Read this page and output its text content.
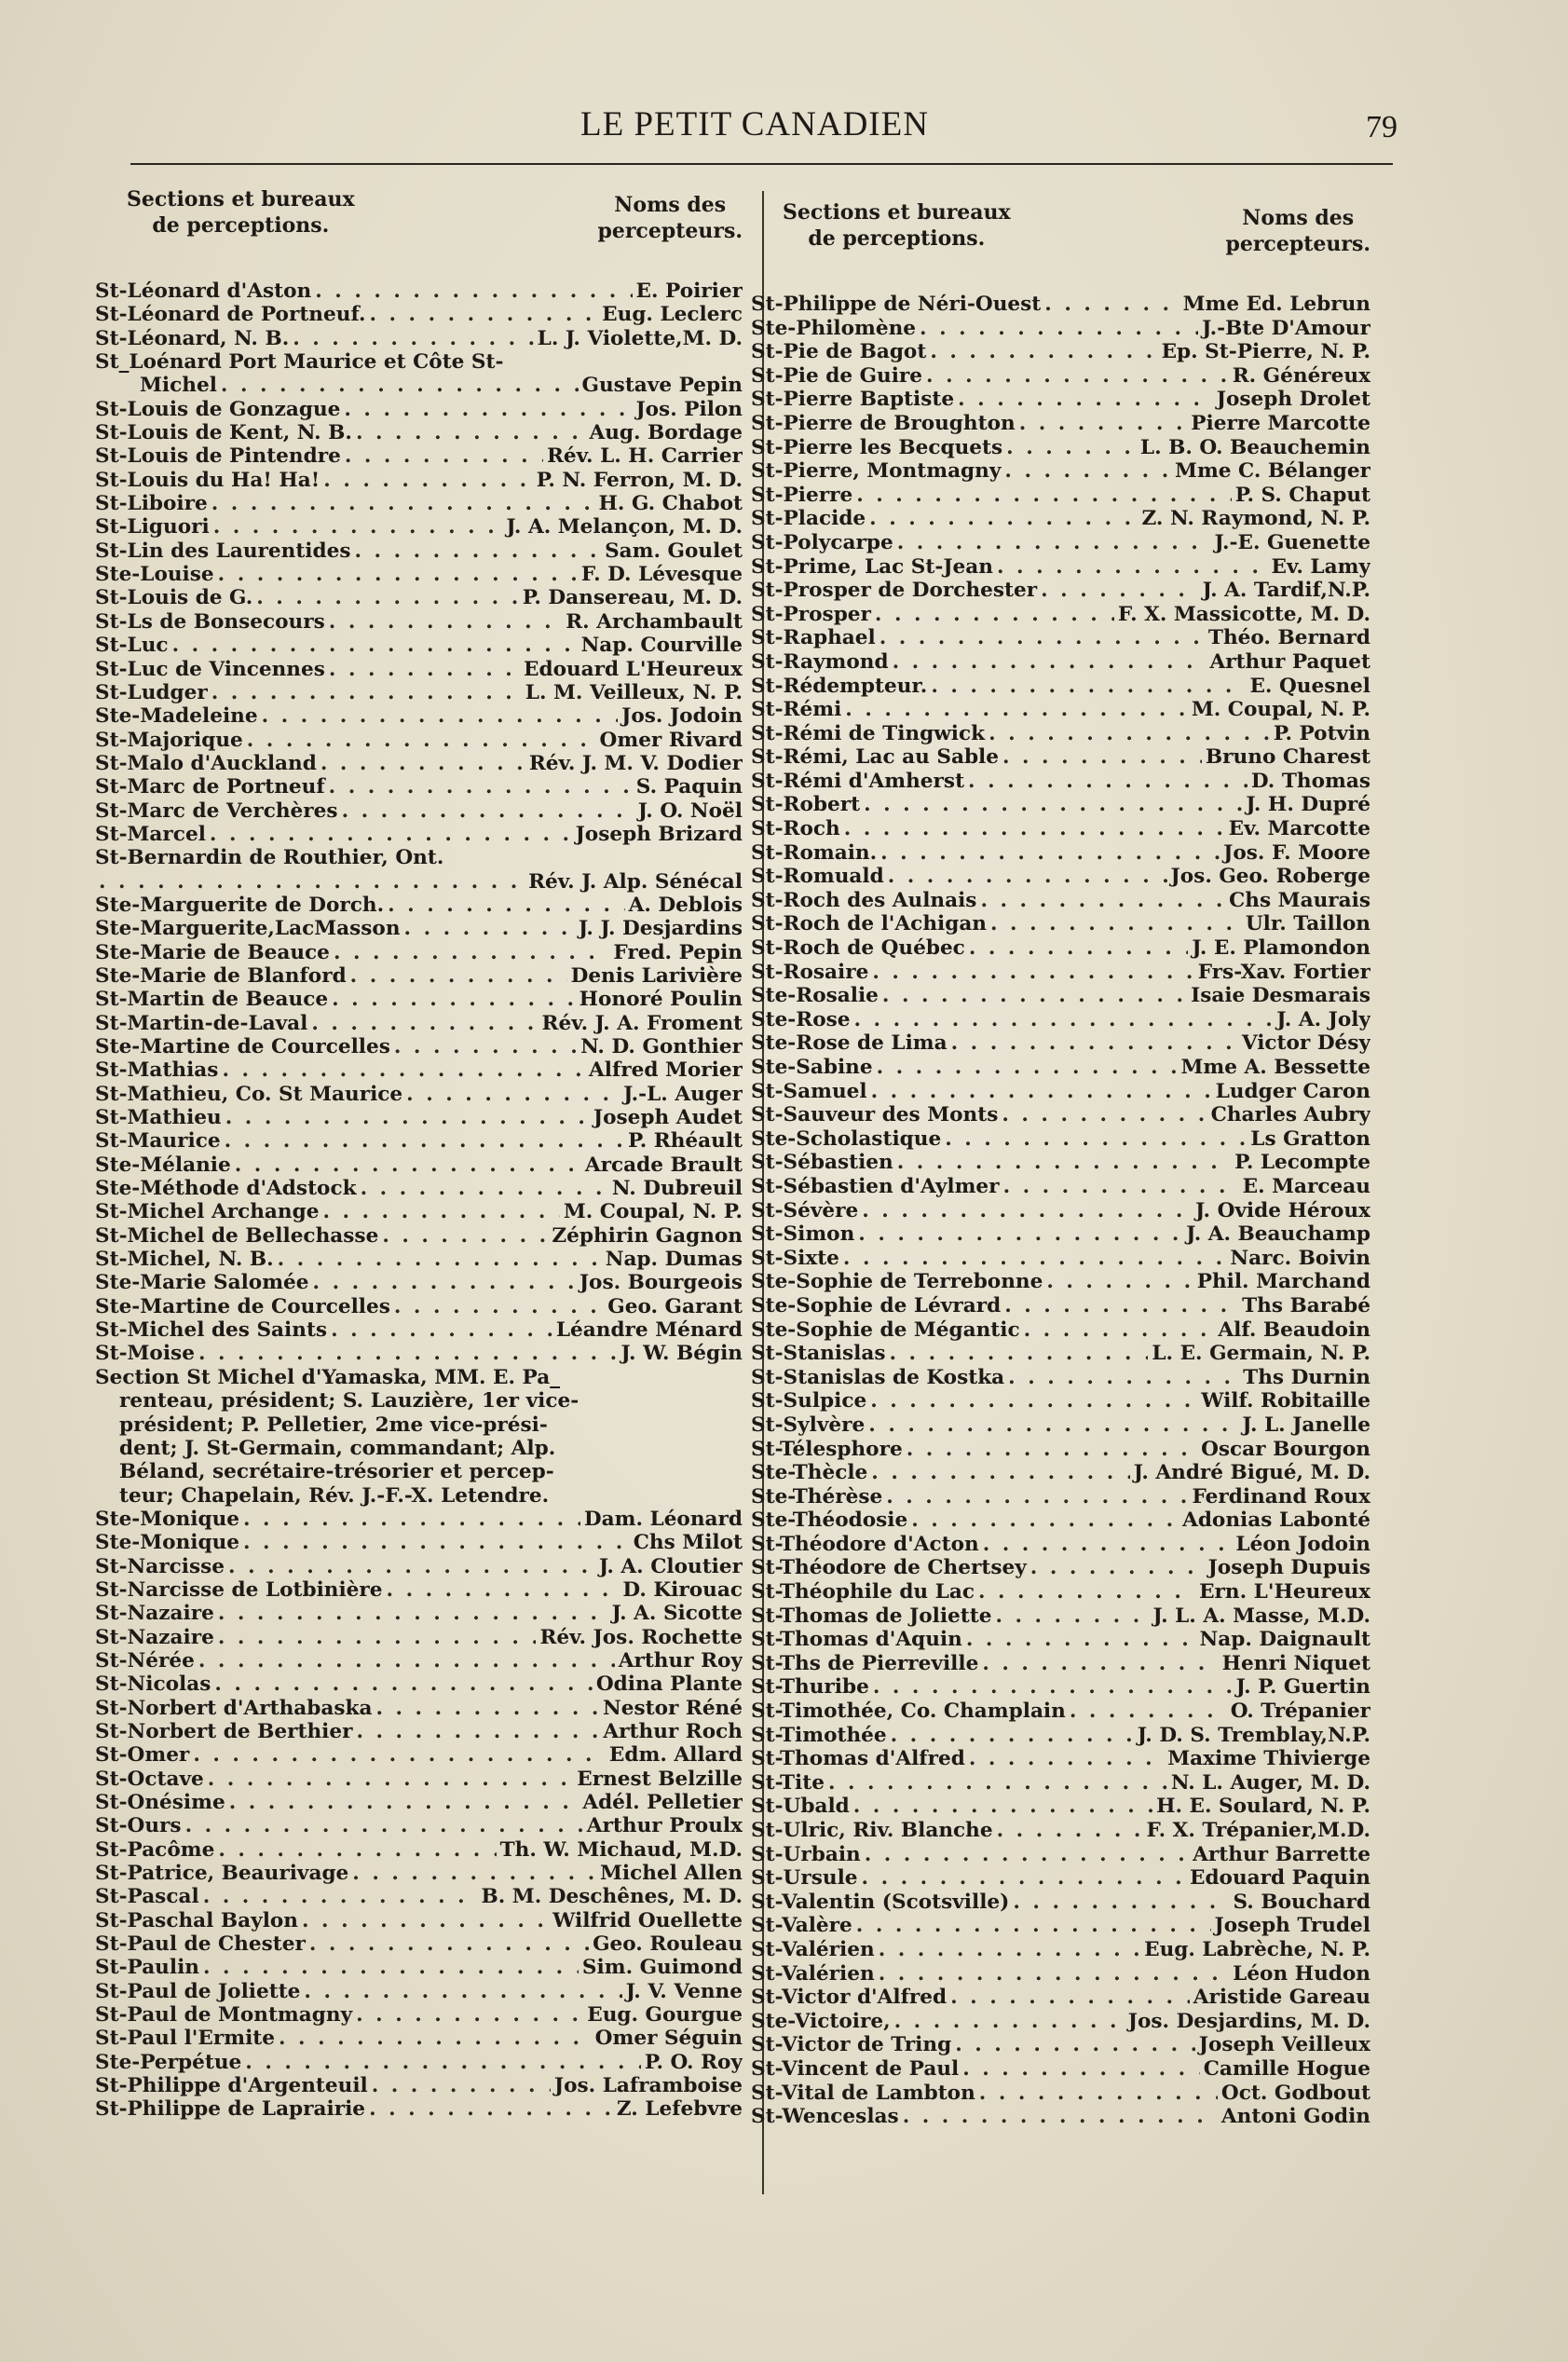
LE PETIT CANADIEN	79
Sections et bureaux
de perceptions.
Noms des
percepteurs.
St-Léonard d'Aston . . .	E. Poirier
St-Léonard de Portneuf. . . .	Eug. Leclerc
St-Léonard, N. B. . . .	L. J. Violette,M. D.
St_Loénard Port Maurice et Côte St-
Michel . . .	Gustave Pepin
St-Louis de Gonzague . . .	Jos. Pilon
St-Louis de Kent, N. B. . . .	Aug. Bordage
St-Louis de Pintendre . . .	Rév. L. H. Carrier
St-Louis du Ha! Ha! . . .	P. N. Ferron, M. D.
St-Liboire . . .	H. G. Chabot
St-Liguori . . .	J. A. Melançon, M. D.
St-Lin des Laurentides . . .	Sam. Goulet
Ste-Louise . . .	F. D. Lévesque
St-Louis de G. . . .	P. Dansereau, M. D.
St-Ls de Bonsecours . . .	R. Archambault
St-Luc . . .	Nap. Courville
St-Luc de Vincennes . . .	Edouard L'Heureux
St-Ludger . . .	L. M. Veilleux, N. P.
Ste-Madeleine . . .	Jos. Jodoin
St-Majorique . . .	Omer Rivard
St-Malo d'Auckland . . .	Rév. J. M. V. Dodier
St-Marc de Portneuf . . .	S. Paquin
St-Marc de Verchères . . .	J. O. Noël
St-Marcel . . .	Joseph Brizard
St-Bernardin de Routhier, Ont.
. . .
Rév. J. Alp. Sénécal
Ste-Marguerite de Dorch. . . .	A. Deblois
Ste-Marguerite,LacMasson . . .	J. J. Desjardins
Ste-Marie de Beauce . . .	Fred. Pepin
Ste-Marie de Blanford . . .	Denis Larivière
St-Martin de Beauce . . .	Honoré Poulin
St-Martin-de-Laval . . .	Rév. J. A. Froment
Ste-Martine de Courcelles . . .	N. D. Gonthier
St-Mathias . . .	Alfred Morier
St-Mathieu, Co. St Maurice . . .	J.-L. Auger
St-Mathieu . . .	Joseph Audet
St-Maurice . . .	P. Rhéault
Ste-Mélanie . . .	Arcade Brault
Ste-Méthode d'Adstock . . .	N. Dubreuil
St-Michel Archange . . .	M. Coupal, N. P.
St-Michel de Bellechasse . . .	Zéphirin Gagnon
St-Michel, N. B. . . .	Nap. Dumas
Ste-Marie Salomée . . .	Jos. Bourgeois
Ste-Martine de Courcelles . . .	Geo. Garant
St-Michel des Saints . . .	Léandre Ménard
St-Moise . . .	J. W. Bégin
Section St Michel d'Yamaska, MM. E. Pa_
renteau, président; S. Lauzière, 1er vice-
président; P. Pelletier, 2me vice-prési-
dent; J. St-Germain, commandant; Alp.
Béland, secrétaire-trésorier et percep-
teur; Chapelain, Rév. J.-F.-X. Letendre.
Ste-Monique . . .	Dam. Léonard
Ste-Monique . . .	Chs Milot
St-Narcisse . . .	J. A. Cloutier
St-Narcisse de Lotbinière . . .	D. Kirouac
St-Nazaire . . .	J. A. Sicotte
St-Nazaire . . .	Rév. Jos. Rochette
St-Nérée . . .	Arthur Roy
St-Nicolas . . .	Odina Plante
St-Norbert d'Arthabaska . . .	Nestor Réné
St-Norbert de Berthier . . .	Arthur Roch
St-Omer . . .	Edm. Allard
St-Octave . . .	Ernest Belzille
St-Onésime . . .	Adél. Pelletier
St-Ours . . .	Arthur Proulx
St-Pacôme . . .	Th. W. Michaud, M.D.
St-Patrice, Beaurivage . . .	Michel Allen
St-Pascal . . .	B. M. Deschênes, M. D.
St-Paschal Baylon . . .	Wilfrid Ouellette
St-Paul de Chester . . .	Geo. Rouleau
St-Paulin . . .	Sim. Guimond
St-Paul de Joliette . . .	J. V. Venne
St-Paul de Montmagny . . .	Eug. Gourgue
St-Paul l'Ermite . . .	Omer Séguin
Ste-Perpétue . . .	P. O. Roy
St-Philippe d'Argenteuil . . .	Jos. Laframboise
St-Philippe de Laprairie . . .	Z. Lefebvre
Sections et bureaux
de perceptions.
Noms des
percepteurs.
St-Philippe de Néri-Ouest . . .	Mme Ed. Lebrun
Ste-Philomène . . .	J.-Bte D'Amour
St-Pie de Bagot . . .	Ep. St-Pierre, N. P.
St-Pie de Guire . . .	R. Généreux
St-Pierre Baptiste . . .	Joseph Drolet
St-Pierre de Broughton . . .	Pierre Marcotte
St-Pierre les Becquets . . .	L. B. O. Beauchemin
St-Pierre, Montmagny . . .	Mme C. Bélanger
St-Pierre . . .	P. S. Chaput
St-Placide . . .	Z. N. Raymond, N. P.
St-Polycarpe . . .	J.-E. Guenette
St-Prime, Lac St-Jean . . .	Ev. Lamy
St-Prosper de Dorchester . . .	J. A. Tardif,N.P.
St-Prosper . . .	F. X. Massicotte, M. D.
St-Raphael . . .	Théo. Bernard
St-Raymond . . .	Arthur Paquet
St-Rédempteur. . . .	E. Quesnel
St-Rémi . . .	M. Coupal, N. P.
St-Rémi de Tingwick . . .	P. Potvin
St-Rémi, Lac au Sable . . .	Bruno Charest
St-Rémi d'Amherst . . .	D. Thomas
St-Robert . . .	J. H. Dupré
St-Roch . . .	Ev. Marcotte
St-Romain. . . .	Jos. F. Moore
St-Romuald . . .	Jos. Geo. Roberge
St-Roch des Aulnais . . .	Chs Maurais
St-Roch de l'Achigan . . .	Ulr. Taillon
St-Roch de Québec . . .	J. E. Plamondon
St-Rosaire . . .	Frs-Xav. Fortier
Ste-Rosalie . . .	Isaie Desmarais
Ste-Rose . . .	J. A. Joly
Ste-Rose de Lima . . .	Victor Désy
Ste-Sabine . . .	Mme A. Bessette
St-Samuel . . .	Ludger Caron
St-Sauveur des Monts . . .	Charles Aubry
Ste-Scholastique . . .	Ls Gratton
St-Sébastien . . .	P. Lecompte
St-Sébastien d'Aylmer . . .	E. Marceau
St-Sévère . . .	J. Ovide Héroux
St-Simon . . .	J. A. Beauchamp
St-Sixte . . .	Narc. Boivin
Ste-Sophie de Terrebonne . . .	Phil. Marchand
Ste-Sophie de Lévrard . . .	Ths Barabé
Ste-Sophie de Mégantic . . .	Alf. Beaudoin
St-Stanislas . . .	L. E. Germain, N. P.
St-Stanislas de Kostka . . .	Ths Durnin
St-Sulpice . . .	Wilf. Robitaille
St-Sylvère . . .	J. L. Janelle
St-Télesphore . . .	Oscar Bourgon
Ste-Thècle . . .	J. André Bigué, M. D.
Ste-Thérèse . . .	Ferdinand Roux
Ste-Théodosie . . .	Adonias Labonté
St-Théodore d'Acton . . .	Léon Jodoin
St-Théodore de Chertsey . . .	Joseph Dupuis
St-Théophile du Lac . . .	Ern. L'Heureux
St-Thomas de Joliette . . .	J. L. A. Masse, M.D.
St-Thomas d'Aquin . . .	Nap. Daignault
St-Ths de Pierreville . . .	Henri Niquet
St-Thuribe . . .	J. P. Guertin
St-Timothée, Co. Champlain . . .	O. Trépanier
St-Timothée . . .	J. D. S. Tremblay,N.P.
St-Thomas d'Alfred . . .	Maxime Thivierge
St-Tite . . .	N. L. Auger, M. D.
St-Ubald . . .	H. E. Soulard, N. P.
St-Ulric, Riv. Blanche . . .	F. X. Trépanier,M.D.
St-Urbain . . .	Arthur Barrette
St-Ursule . . .	Edouard Paquin
St-Valentin (Scotsville) . . .	S. Bouchard
St-Valère . . .	Joseph Trudel
St-Valérien . . .	Eug. Labrèche, N. P.
St-Valérien . . .	Léon Hudon
St-Victor d'Alfred . . .	Aristide Gareau
Ste-Victoire, . . .	Jos. Desjardins, M. D.
St-Victor de Tring . . .	Joseph Veilleux
St-Vincent de Paul . . .	Camille Hogue
St-Vital de Lambton . . .	Oct. Godbout
St-Wenceslas . . .	Antoni Godin
